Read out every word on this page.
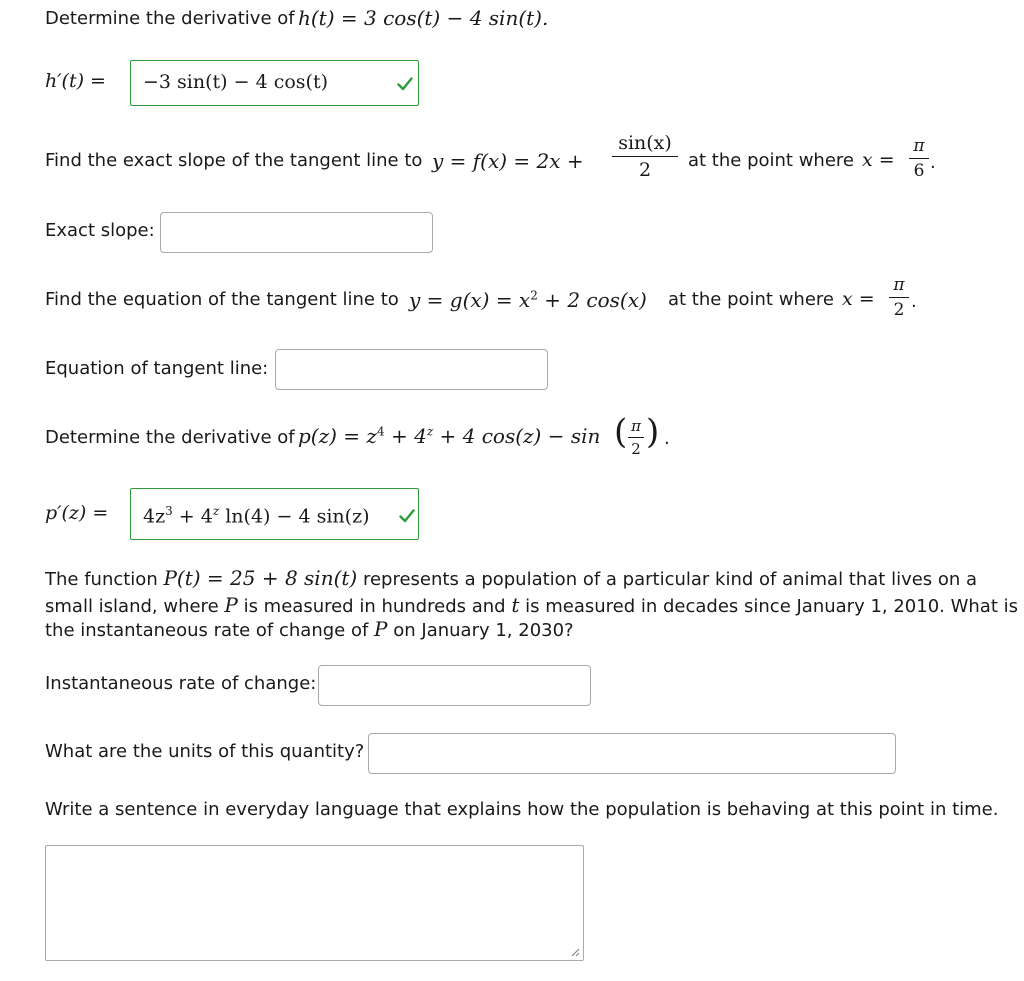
Determine the derivative of h(t) = 3 cos(t) − 4 sin(t).
h′(t) = −3 sin(t) − 4 cos(t)
Find the exact slope of the tangent line to y = f(x) = 2x +
sin(x)
2	at the point where x =
π
6 .
Exact slope:
Find the equation of the tangent line to $y = g(x) = x^2 + 2$ cos(x) at the point where x =
π
2 .
Equation of tangent line:
Determine the derivative of $p(z) = z^4 + 4^z + 4$ cos(z) − sin ( π
2 ) .
$p'(z) = 4z^3 + 4^z$ ln(4) − 4 sin(z)
The function P(t) = 25 + 8 sin(t) represents a population of a particular kind of animal that lives on a
small island, where P is measured in hundreds and t is measured in decades since January 1, 2010. What is
the instantaneous rate of change of P on January 1, 2030?
Instantaneous rate of change:
What are the units of this quantity?
Write a sentence in everyday language that explains how the population is behaving at this point in time.
